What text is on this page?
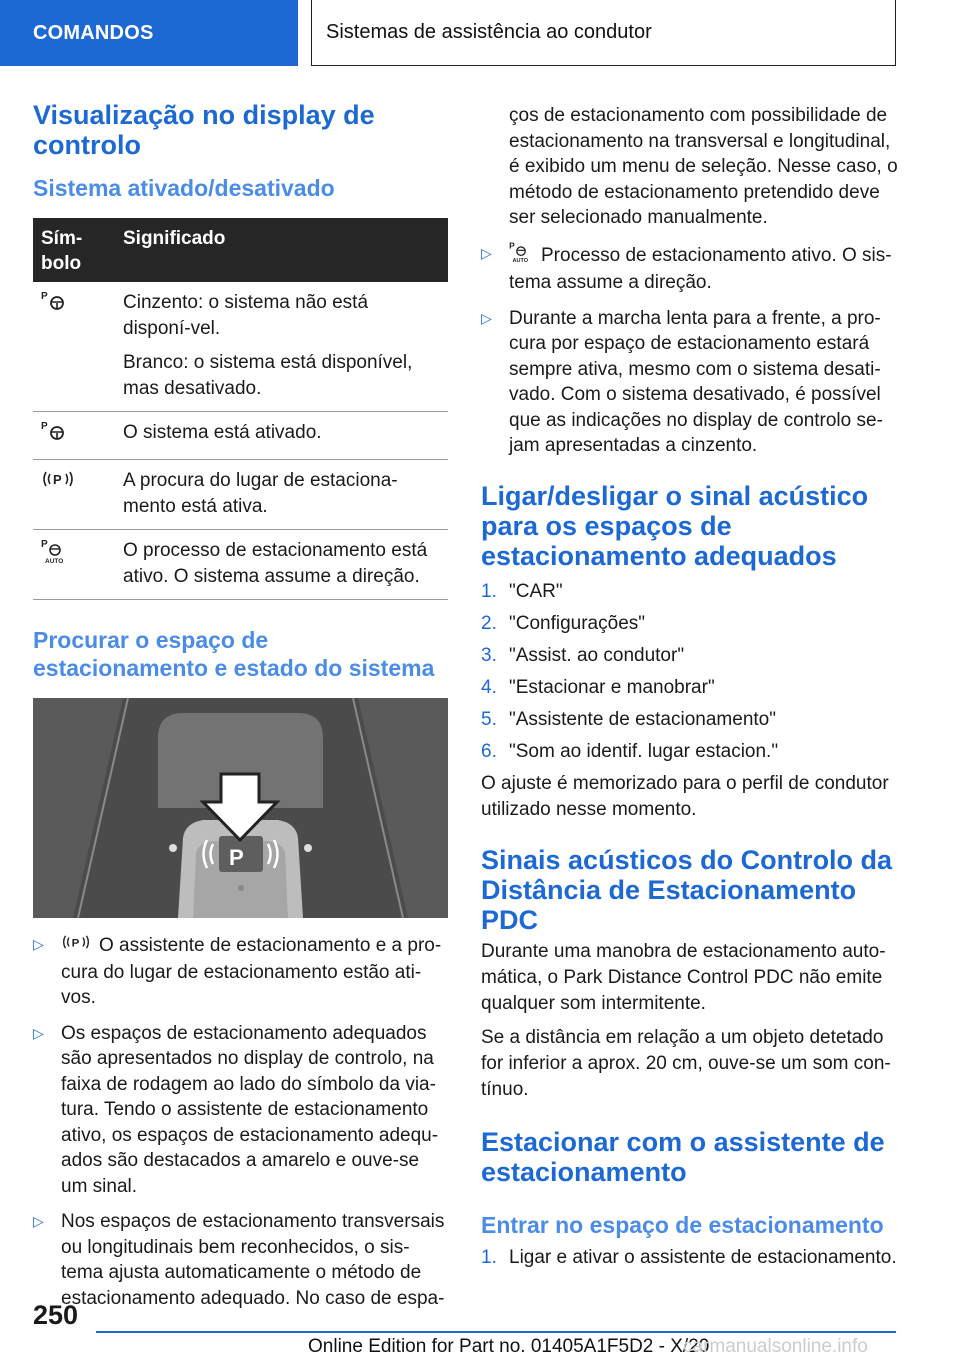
COMANDOS	Sistemas de assistência ao condutor
Visualização no display de controlo
Sistema ativado/desativado
Sím-bolo	Significado

P	Cinzento: o sistema não está disponí-vel.

Branco: o sistema está disponível, mas desativado.

P	O sistema está ativado.

P	A procura do lugar de estaciona-mento está ativa.

P
AUTO	O processo de estacionamento está ativo. O sistema assume a direção.

Procurar o espaço de estacionamento e estado do sistema
P
▷ P O assistente de estacionamento e a pro-cura do lugar de estacionamento estão ati-vos.
▷ Os espaços de estacionamento adequados são apresentados no display de controlo, na faixa de rodagem ao lado do símbolo da via-tura. Tendo o assistente de estacionamento ativo, os espaços de estacionamento adequ-ados são destacados a amarelo e ouve-se um sinal.
▷ Nos espaços de estacionamento transversais ou longitudinais bem reconhecidos, o sis-tema ajusta automaticamente o método de estacionamento adequado. No caso de espa-
ços de estacionamento com possibilidade de estacionamento na transversal e longitudinal, é exibido um menu de seleção. Nesse caso, o método de estacionamento pretendido deve ser selecionado manualmente.
▷ P
AUTO Processo de estacionamento ativo. O sis-tema assume a direção.
▷ Durante a marcha lenta para a frente, a pro-cura por espaço de estacionamento estará sempre ativa, mesmo com o sistema desati-vado. Com o sistema desativado, é possível que as indicações no display de controlo se-jam apresentadas a cinzento.
Ligar/desligar o sinal acústico para os espaços de estacionamento adequados
1. "CAR"
2. "Configurações"
3. "Assist. ao condutor"
4. "Estacionar e manobrar"
5. "Assistente de estacionamento"
6. "Som ao identif. lugar estacion."
O ajuste é memorizado para o perfil de condutor utilizado nesse momento.
Sinais acústicos do Controlo da Distância de Estacionamento PDC
Durante uma manobra de estacionamento auto-mática, o Park Distance Control PDC não emite qualquer som intermitente.
Se a distância em relação a um objeto detetado for inferior a aprox. 20 cm, ouve-se um som con-tínuo.
Estacionar com o assistente de estacionamento
Entrar no espaço de estacionamento
1. Ligar e ativar o assistente de estacionamento.
250
Online Edition for Part no. 01405A1F5D2 - X/20
carmanualsonline.info
